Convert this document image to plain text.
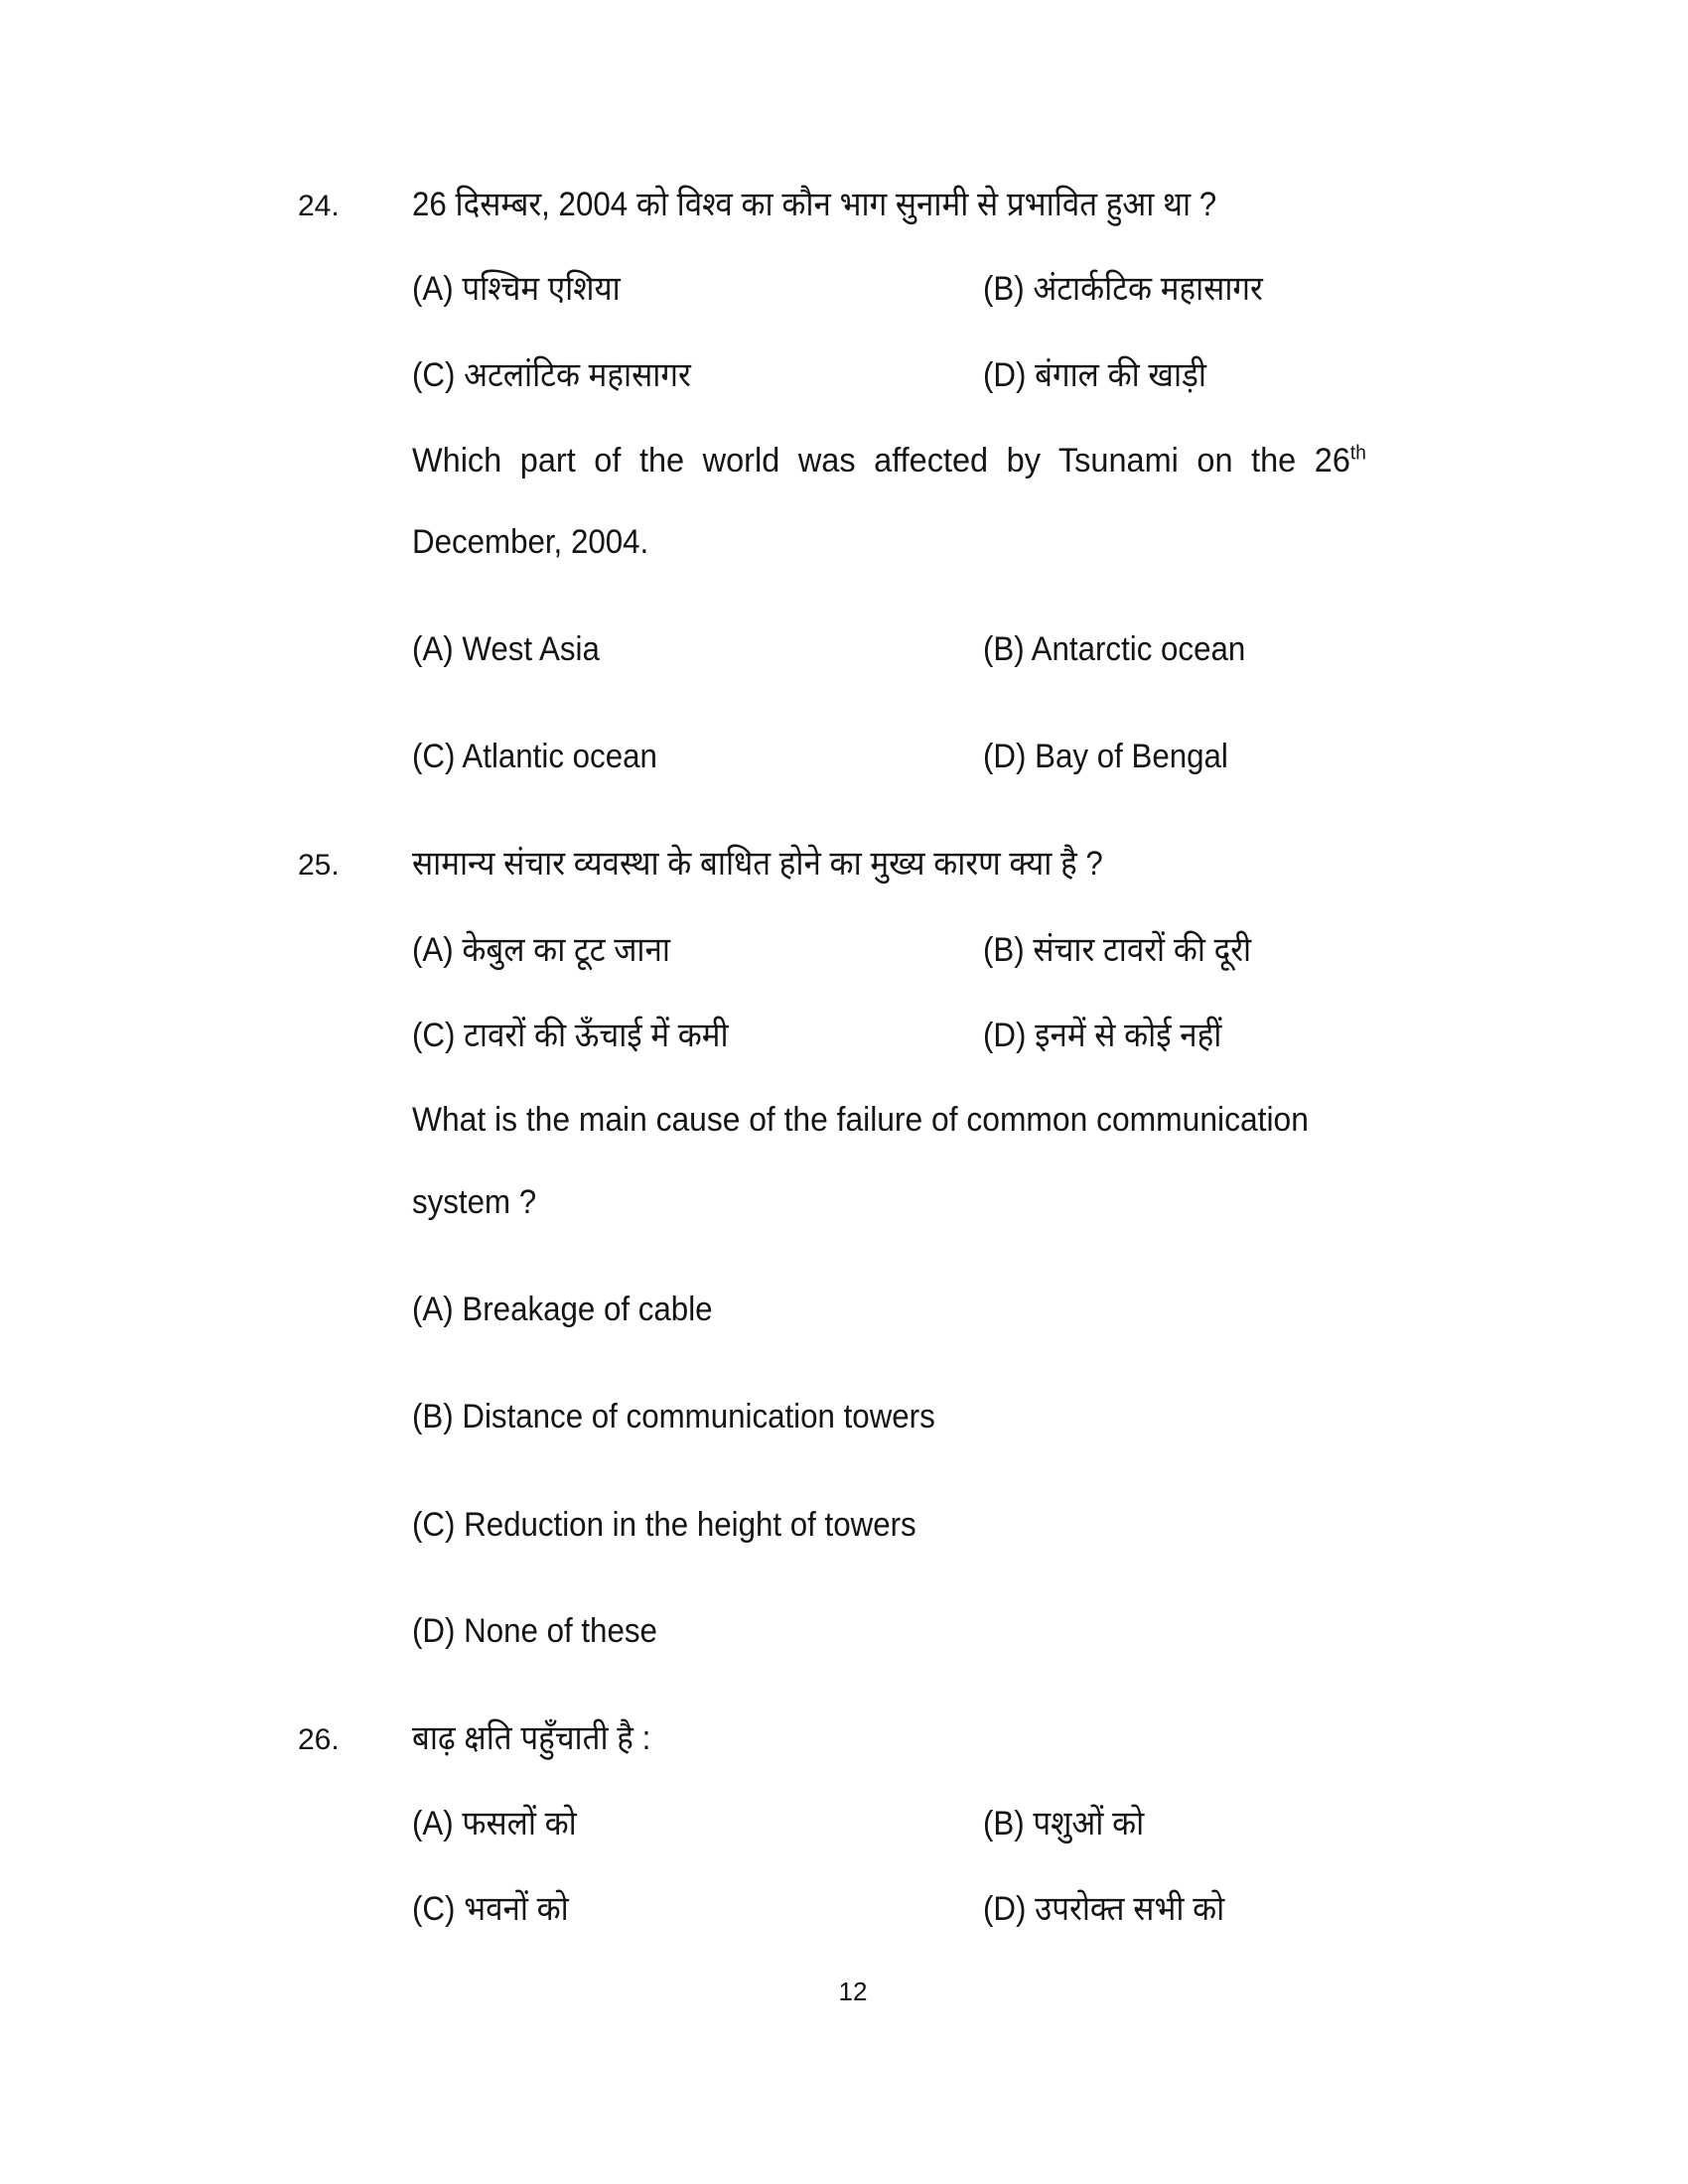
24. 26 दिसम्बर, 2004 को विश्व का कौन भाग सुनामी से प्रभावित हुआ था ?
(A) पश्चिम एशिया	(B) अंटार्कटिक महासागर
(C) अटलांटिक महासागर	(D) बंगाल की खाड़ी
Which part of the world was affected by Tsunami on the 26th
December, 2004.
(A) West Asia	(B) Antarctic ocean
(C) Atlantic ocean	(D) Bay of Bengal
25. सामान्य संचार व्यवस्था के बाधित होने का मुख्य कारण क्या है ?
(A) केबुल का टूट जाना	(B) संचार टावरों की दूरी
(C) टावरों की ऊँचाई में कमी	(D) इनमें से कोई नहीं
What is the main cause of the failure of common communication
system ?
(A) Breakage of cable
(B) Distance of communication towers
(C) Reduction in the height of towers
(D) None of these
26. बाढ़ क्षति पहुँचाती है :
(A) फसलों को	(B) पशुओं को
(C) भवनों को	(D) उपरोक्त सभी को
12
